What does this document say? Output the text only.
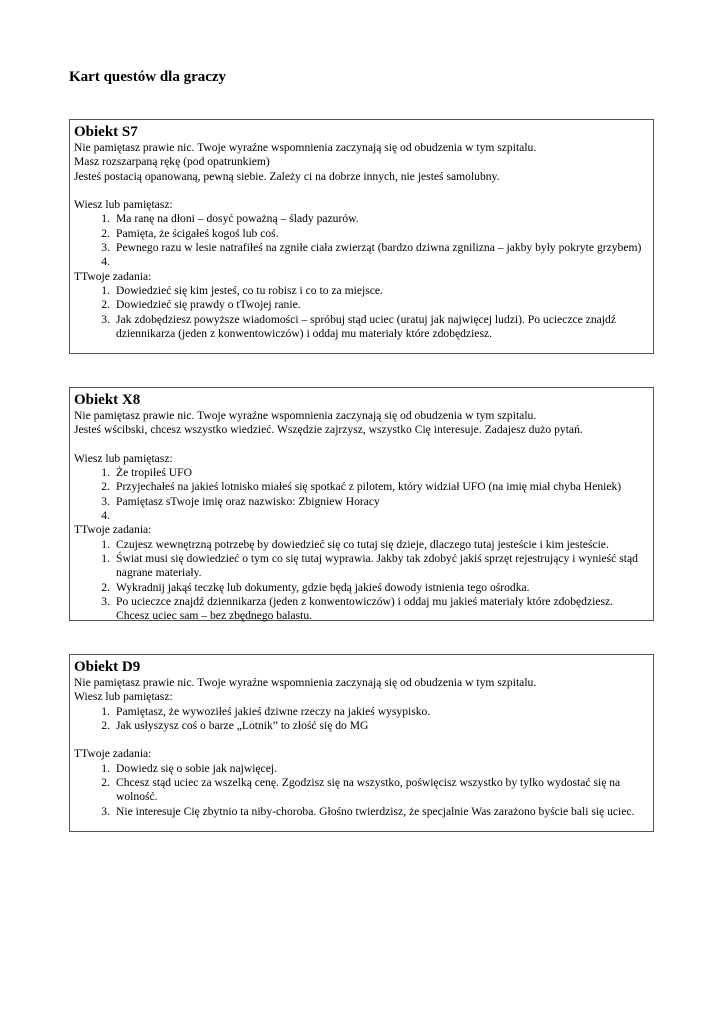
Kart questów dla graczy
Obiekt S7
Nie pamiętasz prawie nic. Twoje wyraźne wspomnienia zaczynają się od obudzenia w tym szpitalu.
Masz rozszarpaną rękę (pod opatrunkiem)
Jesteś postacią opanowaną, pewną siebie. Zależy ci na dobrze innych, nie jesteś samolubny.
Wiesz lub pamiętasz:
1. Ma ranę na dłoni – dosyć poważną – ślady pazurów.
2. Pamięta, że ścigałeś kogoś lub coś.
3. Pewnego razu w lesie natrafiłeś na zgniłe ciała zwierząt (bardzo dziwna zgnilizna – jakby były pokryte grzybem)
4.

TTwoje zadania:
1. Dowiedzieć się kim jesteś, co tu robisz i co to za miejsce.
2. Dowiedzieć się prawdy o tTwojej ranie.
3. Jak zdobędziesz powyższe wiadomości – spróbuj stąd uciec (uratuj jak najwięcej ludzi). Po ucieczce znajdź dziennikarza (jeden z konwentowiczów) i oddaj mu materiały które zdobędziesz.
Obiekt X8
Nie pamiętasz prawie nic. Twoje wyraźne wspomnienia zaczynają się od obudzenia w tym szpitalu.
Jesteś wścibski, chcesz wszystko wiedzieć. Wszędzie zajrzysz, wszystko Cię interesuje. Zadajesz dużo pytań.
Wiesz lub pamiętasz:
1. Że tropiłeś UFO
2. Przyjechałeś na jakieś lotnisko miałeś się spotkać z pilotem, który widział UFO (na imię miał chyba Heniek)
3. Pamiętasz sTwoje imię oraz nazwisko: Zbigniew Horacy
4.

TTwoje zadania:
1. Czujesz wewnętrzną potrzebę by dowiedzieć się co tutaj się dzieje, dlaczego tutaj jesteście i kim jesteście.
1. Świat musi się dowiedzieć o tym co się tutaj wyprawia. Jakby tak zdobyć jakiś sprzęt rejestrujący i wynieść stąd nagrane materiały.
2. Wykradnij jakąś teczkę lub dokumenty, gdzie będą jakieś dowody istnienia tego ośrodka.
3. Po ucieczce znajdź dziennikarza (jeden z konwentowiczów) i oddaj mu jakieś materiały które zdobędziesz. Chcesz uciec sam – bez zbędnego balastu.
Obiekt D9
Nie pamiętasz prawie nic. Twoje wyraźne wspomnienia zaczynają się od obudzenia w tym szpitalu.
Wiesz lub pamiętasz:
1. Pamiętasz, że wywoziłeś jakieś dziwne rzeczy na jakieś wysypisko.
2. Jak usłyszysz coś o barze „Lotnik” to złość się do MG
TTwoje zadania:
1. Dowiedz się o sobie jak najwięcej.
2. Chcesz stąd uciec za wszelką cenę. Zgodzisz się na wszystko, poświęcisz wszystko by tylko wydostać się na wolność.
3. Nie interesuje Cię zbytnio ta niby-choroba. Głośno twierdzisz, że specjalnie Was zarażono byście bali się uciec.
